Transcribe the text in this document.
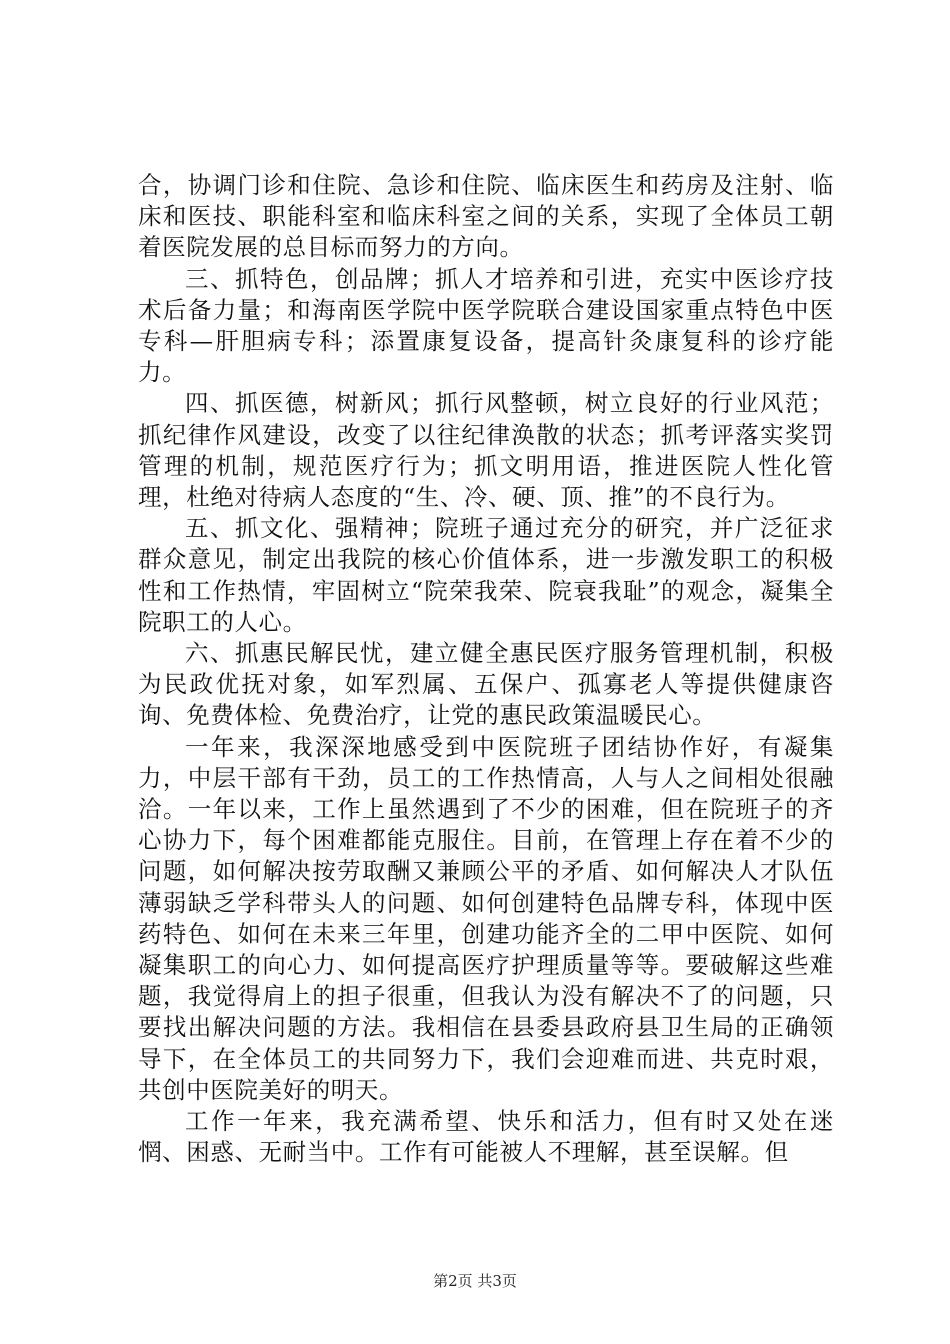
合，协调门诊和住院、急诊和住院、临床医生和药房及注射、临床和医技、职能科室和临床科室之间的关系，实现了全体员工朝着医院发展的总目标而努力的方向。

三、抓特色，创品牌；抓人才培养和引进，充实中医诊疗技术后备力量；和海南医学院中医学院联合建设国家重点特色中医专科—肝胆病专科；添置康复设备，提高针灸康复科的诊疗能力。

四、抓医德，树新风；抓行风整顿，树立良好的行业风范；抓纪律作风建设，改变了以往纪律涣散的状态；抓考评落实奖罚管理的机制，规范医疗行为；抓文明用语，推进医院人性化管理，杜绝对待病人态度的“生、冷、硬、顶、推”的不良行为。

五、抓文化、强精神；院班子通过充分的研究，并广泛征求群众意见，制定出我院的核心价值体系，进一步激发职工的积极性和工作热情，牢固树立“院荣我荣、院衰我耻”的观念，凝集全院职工的人心。

六、抓惠民解民忧，建立健全惠民医疗服务管理机制，积极为民政优抚对象，如军烈属、五保户、孤寡老人等提供健康咨询、免费体检、免费治疗，让党的惠民政策温暖民心。

一年来，我深深地感受到中医院班子团结协作好，有凝集力，中层干部有干劲，员工的工作热情高，人与人之间相处很融洽。一年以来，工作上虽然遇到了不少的困难，但在院班子的齐心协力下，每个困难都能克服住。目前，在管理上存在着不少的问题，如何解决按劳取酬又兼顾公平的矛盾、如何解决人才队伍薄弱缺乏学科带头人的问题、如何创建特色品牌专科，体现中医药特色、如何在未来三年里，创建功能齐全的二甲中医院、如何凝集职工的向心力、如何提高医疗护理质量等等。要破解这些难题，我觉得肩上的担子很重，但我认为没有解决不了的问题，只要找出解决问题的方法。我相信在县委县政府县卫生局的正确领导下，在全体员工的共同努力下，我们会迎难而进、共克时艰，共创中医院美好的明天。

工作一年来，我充满希望、快乐和活力，但有时又处在迷惘、困惑、无耐当中。工作有可能被人不理解，甚至误解。但

第2页 共3页
